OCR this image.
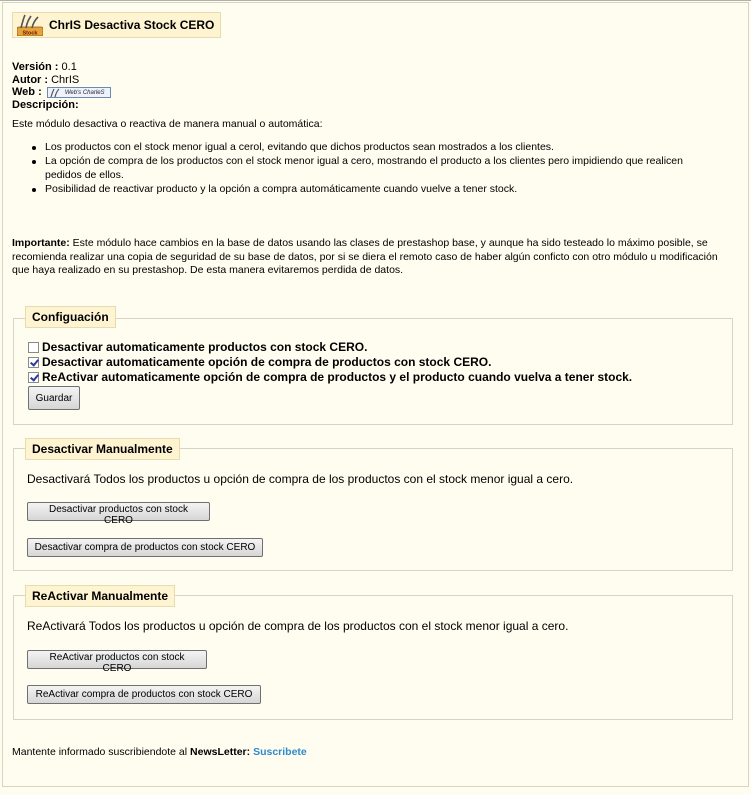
Stock
ChrIS Desactiva Stock CERO
Versión : 0.1
Autor : ChrIS
Web :	Web's CharleS
Descripción:
Este módulo desactiva o reactiva de manera manual o automática:
Los productos con el stock menor igual a cerol, evitando que dichos productos sean mostrados a los clientes.
La opción de compra de los productos con el stock menor igual a cero, mostrando el producto a los clientes pero impidiendo que realicen pedidos de ellos.
Posibilidad de reactivar producto y la opción a compra automáticamente cuando vuelve a tener stock.
Importante: Este módulo hace cambios en la base de datos usando las clases de prestashop base, y aunque ha sido testeado lo máximo posible, se recomienda realizar una copia de seguridad de su base de datos, por si se diera el remoto caso de haber algún conficto con otro módulo u modificación que haya realizado en su prestashop. De esta manera evitaremos perdida de datos.
Configuación
Desactivar automaticamente productos con stock CERO.
Desactivar automaticamente opción de compra de productos con stock CERO.
ReActivar automaticamente opción de compra de productos y el producto cuando vuelva a tener stock.
Guardar
Desactivar Manualmente
Desactivará Todos los productos u opción de compra de los productos con el stock menor igual a cero.
Desactivar productos con stock CERO
Desactivar compra de productos con stock CERO
ReActivar Manualmente
ReActivará Todos los productos u opción de compra de los productos con el stock menor igual a cero.
ReActivar productos con stock CERO
ReActivar compra de productos con stock CERO
Mantente informado suscribiendote al NewsLetter: Suscribete
